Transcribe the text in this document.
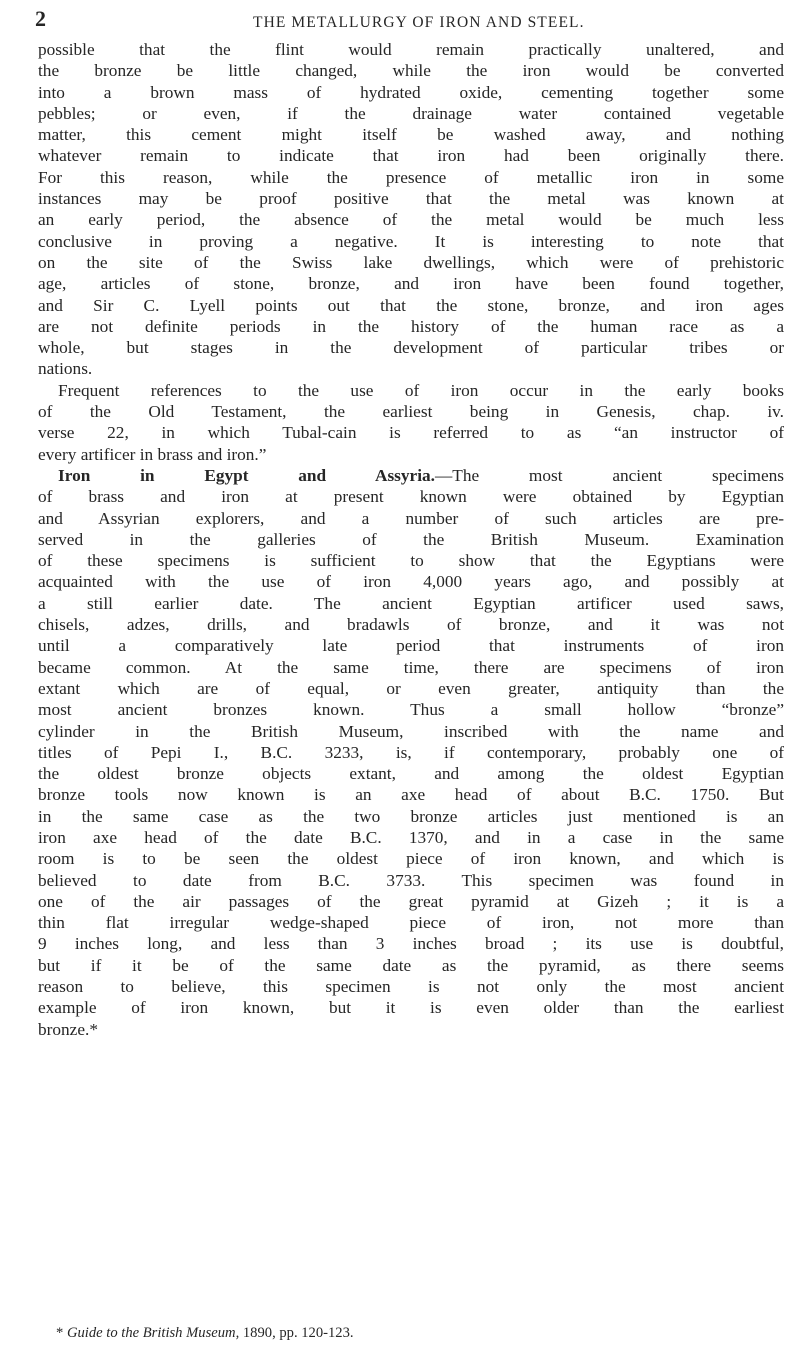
2	THE METALLURGY OF IRON AND STEEL.
possible that the flint would remain practically unaltered, and
the bronze be little changed, while the iron would be converted
into a brown mass of hydrated oxide, cementing together some
pebbles; or even, if the drainage water contained vegetable
matter, this cement might itself be washed away, and nothing
whatever remain to indicate that iron had been originally there.
For this reason, while the presence of metallic iron in some
instances may be proof positive that the metal was known at
an early period, the absence of the metal would be much less
conclusive in proving a negative. It is interesting to note that
on the site of the Swiss lake dwellings, which were of prehistoric
age, articles of stone, bronze, and iron have been found together,
and Sir C. Lyell points out that the stone, bronze, and iron ages
are not definite periods in the history of the human race as a
whole, but stages in the development of particular tribes or
nations.
Frequent references to the use of iron occur in the early books
of the Old Testament, the earliest being in Genesis, chap. iv.
verse 22, in which Tubal-cain is referred to as “an instructor of
every artificer in brass and iron.”
Iron in Egypt and Assyria.—The most ancient specimens
of brass and iron at present known were obtained by Egyptian
and Assyrian explorers, and a number of such articles are pre-
served in the galleries of the British Museum. Examination
of these specimens is sufficient to show that the Egyptians were
acquainted with the use of iron 4,000 years ago, and possibly at
a still earlier date. The ancient Egyptian artificer used saws,
chisels, adzes, drills, and bradawls of bronze, and it was not
until a comparatively late period that instruments of iron
became common. At the same time, there are specimens of iron
extant which are of equal, or even greater, antiquity than the
most ancient bronzes known. Thus a small hollow “bronze”
cylinder in the British Museum, inscribed with the name and
titles of Pepi I., B.C. 3233, is, if contemporary, probably one of
the oldest bronze objects extant, and among the oldest Egyptian
bronze tools now known is an axe head of about B.C. 1750. But
in the same case as the two bronze articles just mentioned is an
iron axe head of the date B.C. 1370, and in a case in the same
room is to be seen the oldest piece of iron known, and which is
believed to date from B.C. 3733. This specimen was found in
one of the air passages of the great pyramid at Gizeh ; it is a
thin flat irregular wedge-shaped piece of iron, not more than
9 inches long, and less than 3 inches broad ; its use is doubtful,
but if it be of the same date as the pyramid, as there seems
reason to believe, this specimen is not only the most ancient
example of iron known, but it is even older than the earliest
bronze.*
* Guide to the British Museum, 1890, pp. 120-123.
